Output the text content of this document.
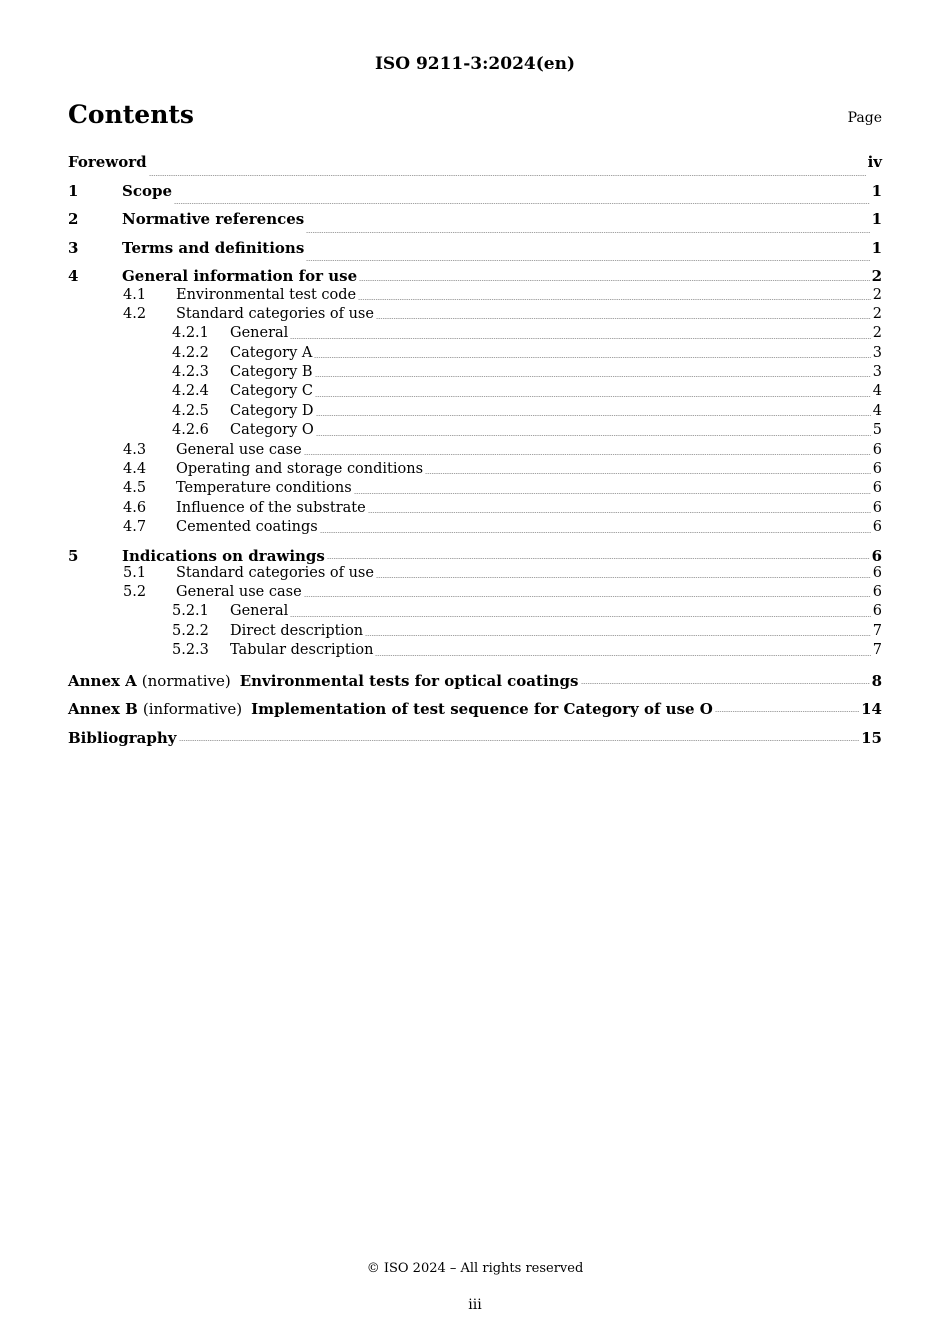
ISO 9211-3:2024(en)
Contents	Page
Foreword	iv
1	Scope	1
2	Normative references	1
3	Terms and definitions	1
4	General information for use	2
4.1	Environmental test code	2
4.2	Standard categories of use	2
4.2.1	General	2
4.2.2	Category A	3
4.2.3	Category B	3
4.2.4	Category C	4
4.2.5	Category D	4
4.2.6	Category O	5
4.3	General use case	6
4.4	Operating and storage conditions	6
4.5	Temperature conditions	6
4.6	Influence of the substrate	6
4.7	Cemented coatings	6
5	Indications on drawings	6
5.1	Standard categories of use	6
5.2	General use case	6
5.2.1	General	6
5.2.2	Direct description	7
5.2.3	Tabular description	7
Annex A (normative) Environmental tests for optical coatings	8
Annex B (informative) Implementation of test sequence for Category of use O	14
Bibliography	15
© ISO 2024 – All rights reserved
iii
